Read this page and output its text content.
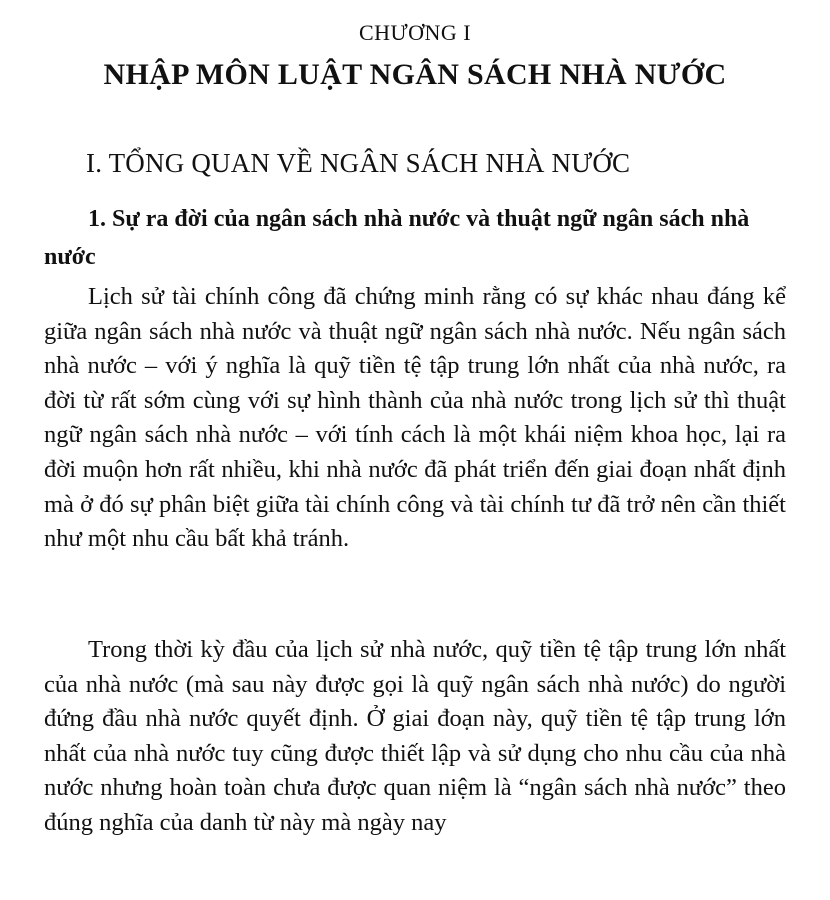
CHƯƠNG I
NHẬP MÔN LUẬT NGÂN SÁCH NHÀ NƯỚC
I. TỔNG QUAN VỀ NGÂN SÁCH NHÀ NƯỚC
1. Sự ra đời của ngân sách nhà nước và thuật ngữ ngân sách nhà nước

Lịch sử tài chính công đã chứng minh rằng có sự khác nhau đáng kể giữa ngân sách nhà nước và thuật ngữ ngân sách nhà nước. Nếu ngân sách nhà nước – với ý nghĩa là quỹ tiền tệ tập trung lớn nhất của nhà nước, ra đời từ rất sớm cùng với sự hình thành của nhà nước trong lịch sử thì thuật ngữ ngân sách nhà nước – với tính cách là một khái niệm khoa học, lại ra đời muộn hơn rất nhiều, khi nhà nước đã phát triển đến giai đoạn nhất định mà ở đó sự phân biệt giữa tài chính công và tài chính tư đã trở nên cần thiết như một nhu cầu bất khả tránh.

Trong thời kỳ đầu của lịch sử nhà nước, quỹ tiền tệ tập trung lớn nhất của nhà nước (mà sau này được gọi là quỹ ngân sách nhà nước) do người đứng đầu nhà nước quyết định. Ở giai đoạn này, quỹ tiền tệ tập trung lớn nhất của nhà nước tuy cũng được thiết lập và sử dụng cho nhu cầu của nhà nước nhưng hoàn toàn chưa được quan niệm là “ngân sách nhà nước” theo đúng nghĩa của danh từ này mà ngày nay
